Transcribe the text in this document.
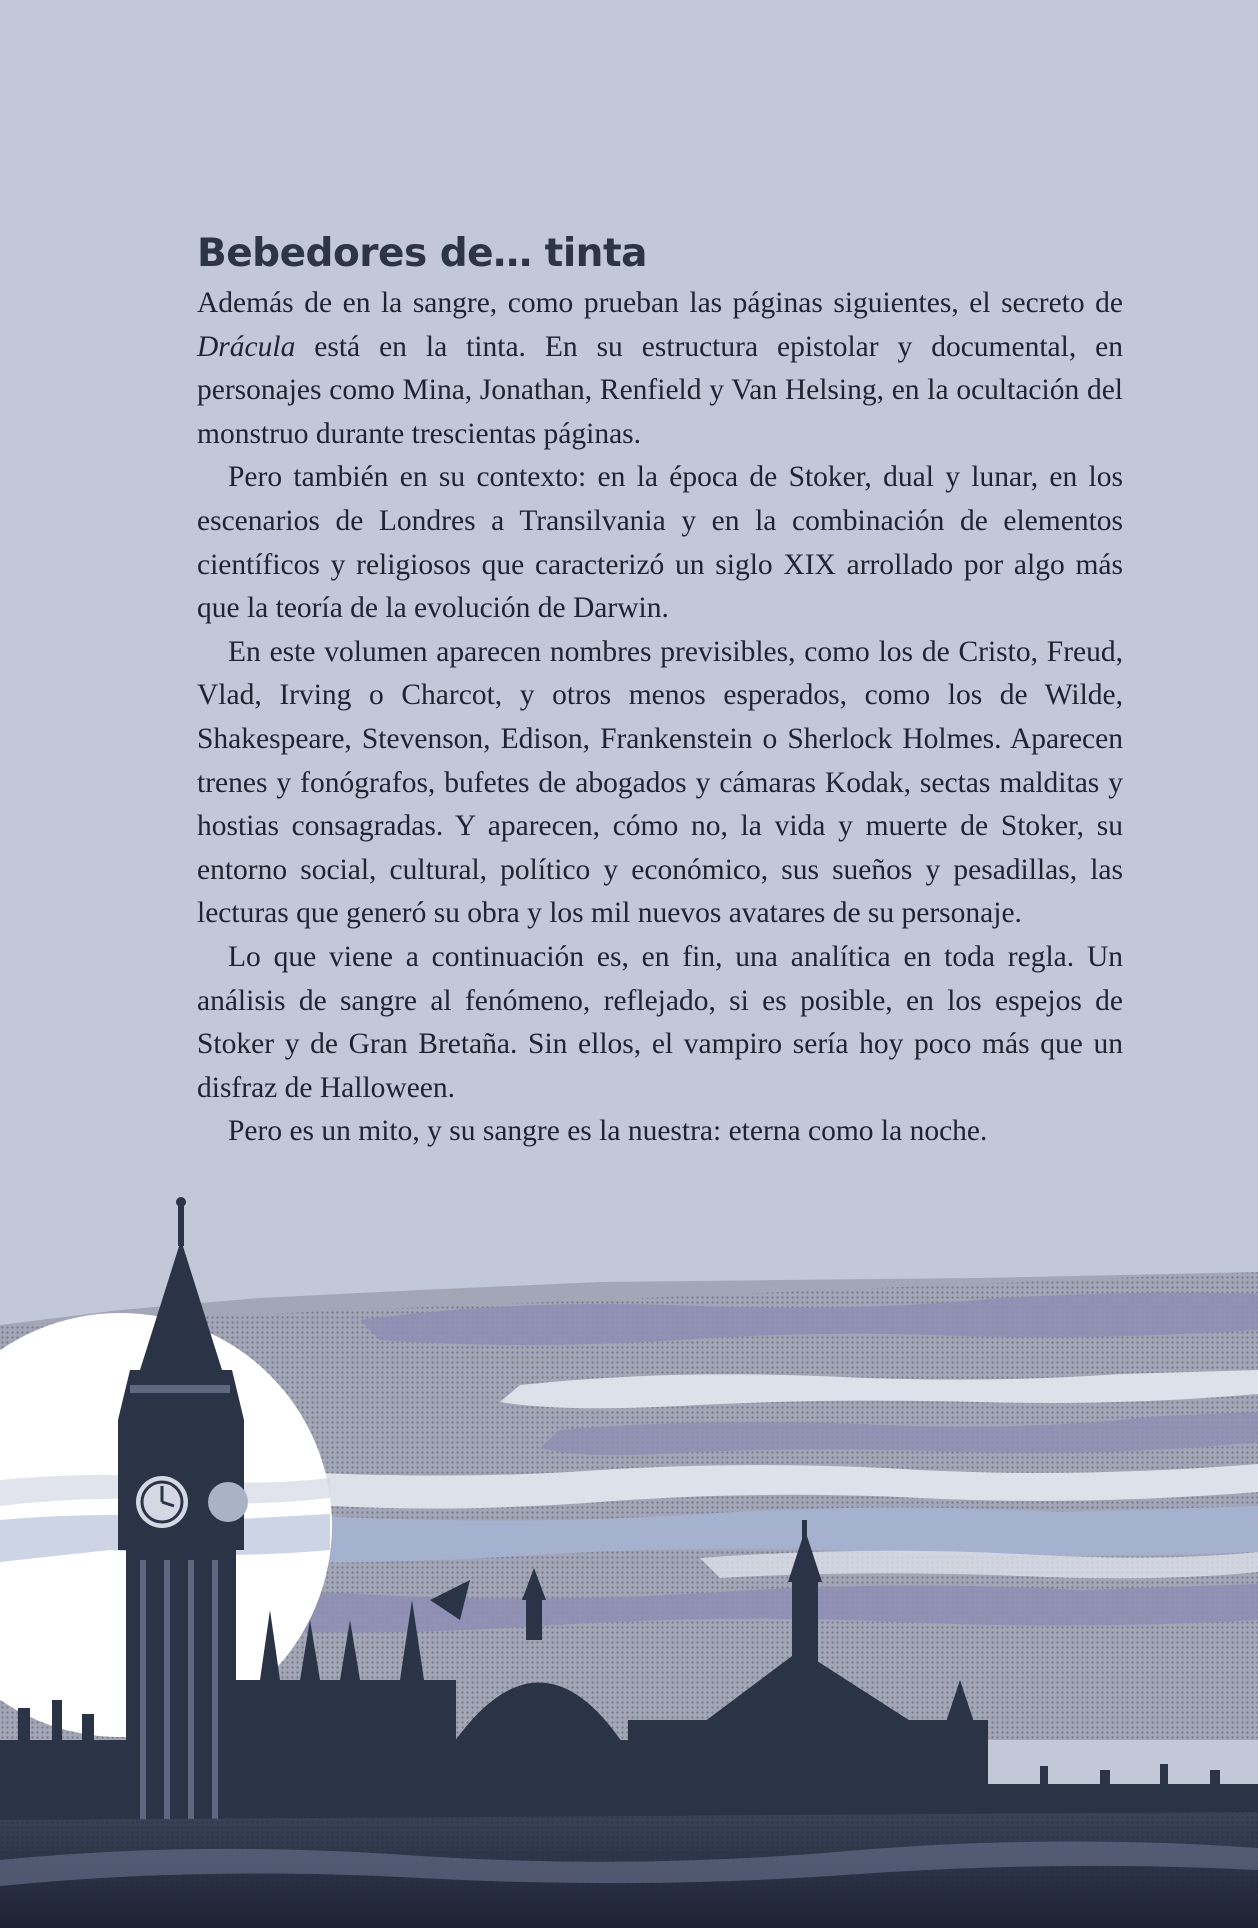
Bebedores de… tinta

Además de en la sangre, como prueban las páginas siguientes, el secreto de Drácula está en la tinta. En su estructura epistolar y documental, en personajes como Mina, Jonathan, Renfield y Van Helsing, en la ocultación del monstruo durante trescientas páginas.

Pero también en su contexto: en la época de Stoker, dual y lunar, en los escenarios de Londres a Transilvania y en la combinación de elementos científicos y religiosos que caracterizó un siglo XIX arrollado por algo más que la teoría de la evolución de Darwin.

En este volumen aparecen nombres previsibles, como los de Cristo, Freud, Vlad, Irving o Charcot, y otros menos esperados, como los de Wilde, Shakespeare, Stevenson, Edison, Frankenstein o Sherlock Holmes. Aparecen trenes y fonógrafos, bufetes de abogados y cámaras Kodak, sectas malditas y hostias consagradas. Y aparecen, cómo no, la vida y muerte de Stoker, su entorno social, cultural, político y económico, sus sueños y pesadillas, las lecturas que generó su obra y los mil nuevos avatares de su personaje.

Lo que viene a continuación es, en fin, una analítica en toda regla. Un análisis de sangre al fenómeno, reflejado, si es posible, en los espejos de Stoker y de Gran Bretaña. Sin ellos, el vampiro sería hoy poco más que un disfraz de Halloween.

Pero es un mito, y su sangre es la nuestra: eterna como la noche.
